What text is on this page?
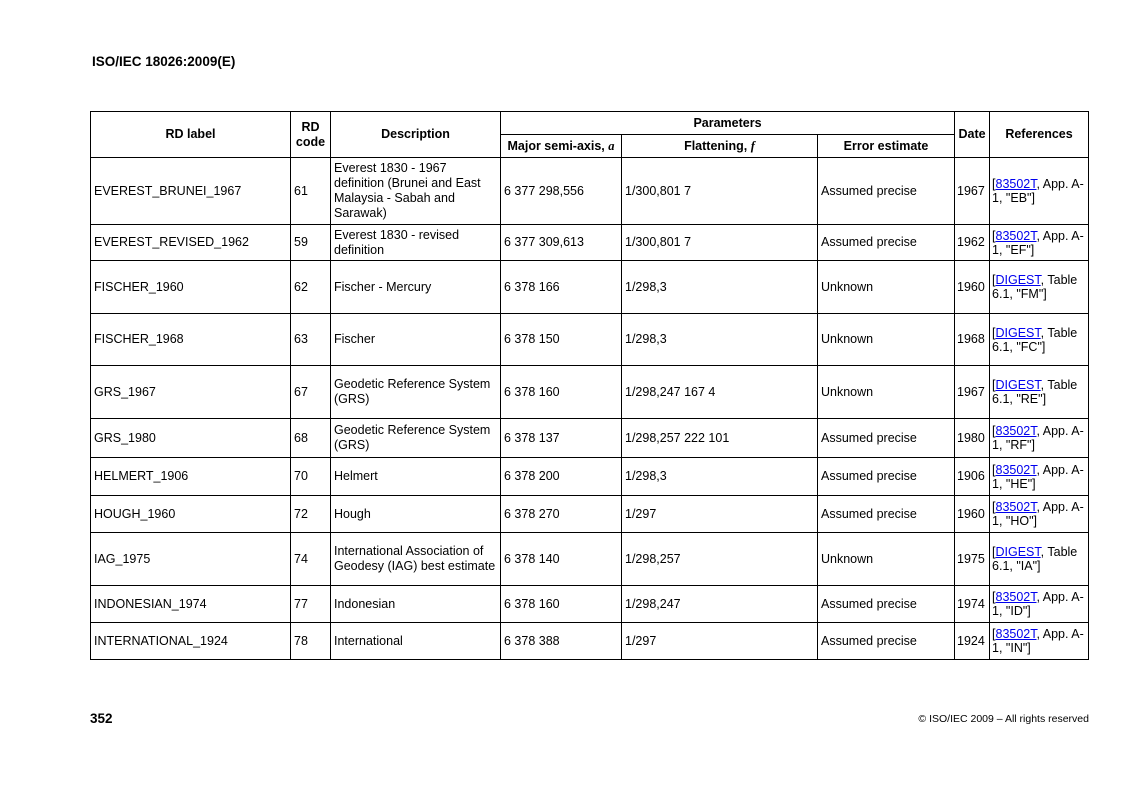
ISO/IEC 18026:2009(E)
RD label	RD code	Description	Parameters			Date	References
			Major semi-axis, a	Flattening, f	Error estimate		
EVEREST_BRUNEI_1967	61	Everest 1830 - 1967 definition (Brunei and East Malaysia - Sabah and Sarawak)	6 377 298,556	1/300,801 7	Assumed precise	1967	[83502T, App. A-1, "EB"]
EVEREST_REVISED_1962	59	Everest 1830 - revised definition	6 377 309,613	1/300,801 7	Assumed precise	1962	[83502T, App. A-1, "EF"]
FISCHER_1960	62	Fischer - Mercury	6 378 166	1/298,3	Unknown	1960	[DIGEST, Table 6.1, "FM"]
FISCHER_1968	63	Fischer	6 378 150	1/298,3	Unknown	1968	[DIGEST, Table 6.1, "FC"]
GRS_1967	67	Geodetic Reference System (GRS)	6 378 160	1/298,247 167 4	Unknown	1967	[DIGEST, Table 6.1, "RE"]
GRS_1980	68	Geodetic Reference System (GRS)	6 378 137	1/298,257 222 101	Assumed precise	1980	[83502T, App. A-1, "RF"]
HELMERT_1906	70	Helmert	6 378 200	1/298,3	Assumed precise	1906	[83502T, App. A-1, "HE"]
HOUGH_1960	72	Hough	6 378 270	1/297	Assumed precise	1960	[83502T, App. A-1, "HO"]
IAG_1975	74	International Association of Geodesy (IAG) best estimate	6 378 140	1/298,257	Unknown	1975	[DIGEST, Table 6.1, "IA"]
INDONESIAN_1974	77	Indonesian	6 378 160	1/298,247	Assumed precise	1974	[83502T, App. A-1, "ID"]
INTERNATIONAL_1924	78	International	6 378 388	1/297	Assumed precise	1924	[83502T, App. A-1, "IN"]
352	© ISO/IEC 2009 – All rights reserved
